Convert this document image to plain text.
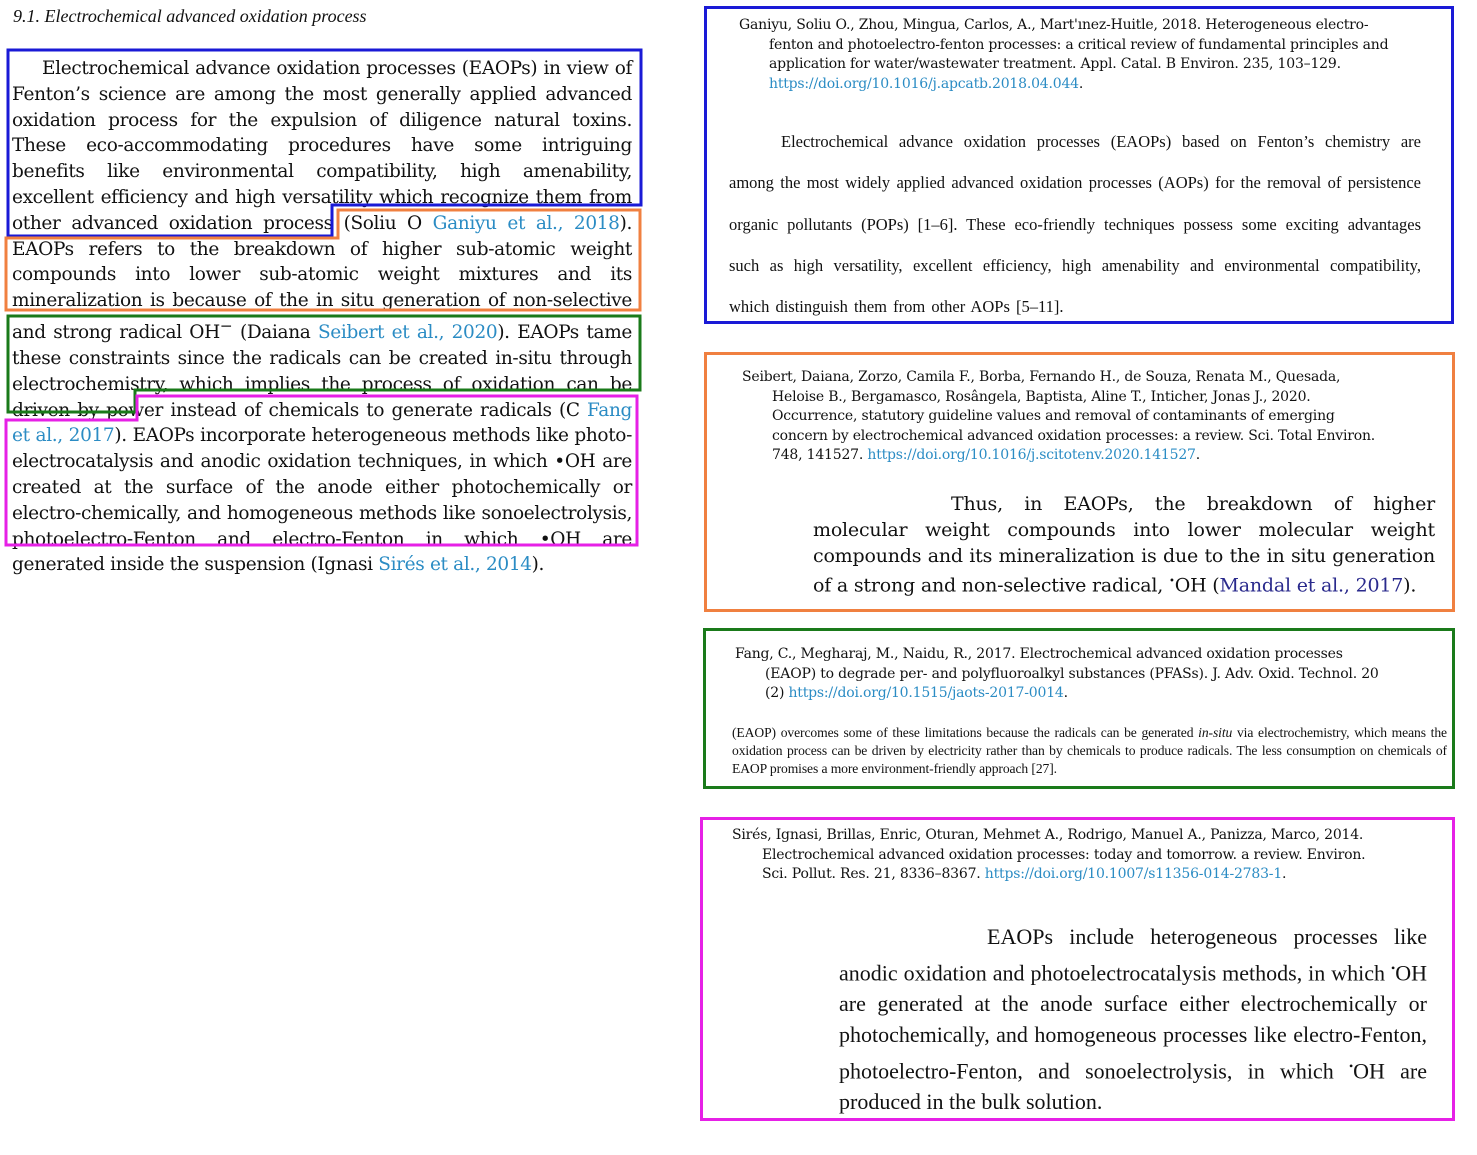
9.1. Electrochemical advanced oxidation process

Electrochemical advance oxidation processes (EAOPs) in view of Fenton’s science are among the most generally applied advanced oxidation process for the expulsion of diligence natural toxins. These eco-accommodating procedures have some intriguing benefits like environmental compatibility, high amenability, excellent efficiency and high versatility which recognize them from other advanced oxidation process (Soliu O Ganiyu et al., 2018). EAOPs refers to the breakdown of higher sub-atomic weight compounds into lower sub-atomic weight mixtures and its mineralization is because of the in situ generation of non-selective and strong radical OH− (Daiana Seibert et al., 2020). EAOPs tame these constraints since the radicals can be created in-situ through electrochemistry, which implies the process of oxidation can be driven by power instead of chemicals to generate radicals (C Fang et al., 2017). EAOPs incorporate heterogeneous methods like photo-electrocatalysis and anodic oxidation techniques, in which •OH are created at the surface of the anode either photochemically or electro-chemically, and homogeneous methods like sonoelectrolysis, photoelectro-Fenton and electro-Fenton in which •OH are generated inside the suspension (Ignasi Sirés et al., 2014).

Ganiyu, Soliu O., Zhou, Mingua, Carlos, A., Mart'ınez-Huitle, 2018. Heterogeneous electro-fenton and photoelectro-fenton processes: a critical review of fundamental principles and application for water/wastewater treatment. Appl. Catal. B Environ. 235, 103–129. https://doi.org/10.1016/j.apcatb.2018.04.044.
Electrochemical advance oxidation processes (EAOPs) based on Fenton’s chemistry are among the most widely applied advanced oxidation processes (AOPs) for the removal of persistence organic pollutants (POPs) [1–6]. These eco-friendly techniques possess some exciting advantages such as high versatility, excellent efficiency, high amenability and environmental compatibility, which distinguish them from other AOPs [5–11].
Seibert, Daiana, Zorzo, Camila F., Borba, Fernando H., de Souza, Renata M., Quesada, Heloise B., Bergamasco, Rosângela, Baptista, Aline T., Inticher, Jonas J., 2020. Occurrence, statutory guideline values and removal of contaminants of emerging concern by electrochemical advanced oxidation processes: a review. Sci. Total Environ. 748, 141527. https://doi.org/10.1016/j.scitotenv.2020.141527.
Thus, in EAOPs, the breakdown of higher molecular weight compounds into lower molecular weight compounds and its mineralization is due to the in situ generation of a strong and non-selective radical, •OH (Mandal et al., 2017).
Fang, C., Megharaj, M., Naidu, R., 2017. Electrochemical advanced oxidation processes (EAOP) to degrade per- and polyfluoroalkyl substances (PFASs). J. Adv. Oxid. Technol. 20 (2) https://doi.org/10.1515/jaots-2017-0014.
(EAOP) overcomes some of these limitations because the radicals can be generated in-situ via electrochemistry, which means the oxidation process can be driven by electricity rather than by chemicals to produce radicals. The less consumption on chemicals of EAOP promises a more environment-friendly approach [27].
Sirés, Ignasi, Brillas, Enric, Oturan, Mehmet A., Rodrigo, Manuel A., Panizza, Marco, 2014. Electrochemical advanced oxidation processes: today and tomorrow. a review. Environ. Sci. Pollut. Res. 21, 8336–8367. https://doi.org/10.1007/s11356-014-2783-1.
EAOPs include heterogeneous processes like anodic oxidation and photoelectrocatalysis methods, in which •OH are generated at the anode surface either electrochemically or photochemically, and homogeneous processes like electro-Fenton, photoelectro-Fenton, and sonoelectrolysis, in which •OH are produced in the bulk solution.
